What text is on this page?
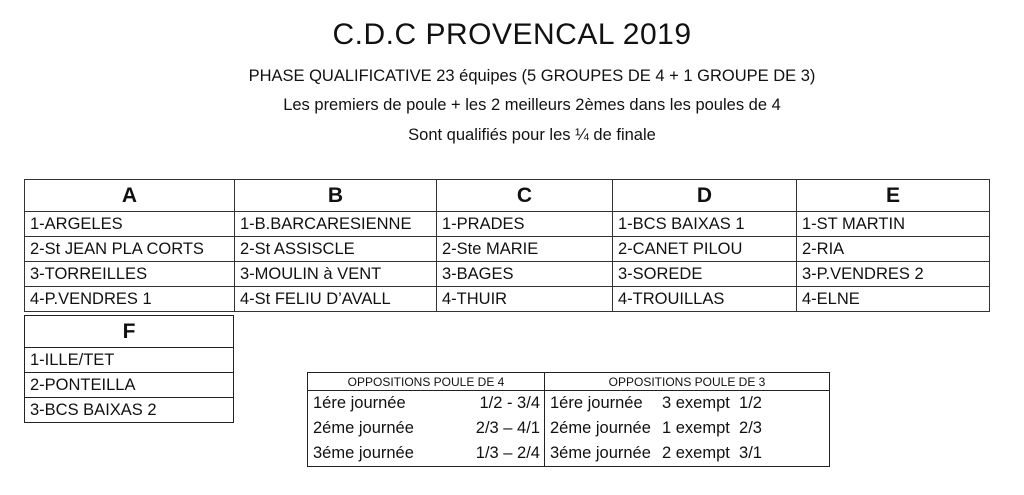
C.D.C PROVENCAL 2019
PHASE QUALIFICATIVE 23 équipes (5 GROUPES DE 4 + 1 GROUPE DE 3)
Les premiers de poule + les 2 meilleurs 2èmes dans les poules de 4
Sont qualifiés pour les ¼ de finale
A	B	C	D	E
1-ARGELES	1-B.BARCARESIENNE	1-PRADES	1-BCS BAIXAS 1	1-ST MARTIN
2-St JEAN PLA CORTS	2-St ASSISCLE	2-Ste MARIE	2-CANET PILOU	2-RIA
3-TORREILLES	3-MOULIN à VENT	3-BAGES	3-SOREDE	3-P.VENDRES 2
4-P.VENDRES 1	4-St FELIU D’AVALL	4-THUIR	4-TROUILLAS	4-ELNE
F
1-ILLE/TET
2-PONTEILLA
3-BCS BAIXAS 2
OPPOSITIONS POULE DE 4	OPPOSITIONS POULE DE 3
1ére journée 1/2 - 3/4	1ére journée 3 exempt  1/2
2éme journée 2/3 – 4/1	2éme journée 1 exempt  2/3
3éme journée 1/3 – 2/4	3éme journée 2 exempt  3/1
